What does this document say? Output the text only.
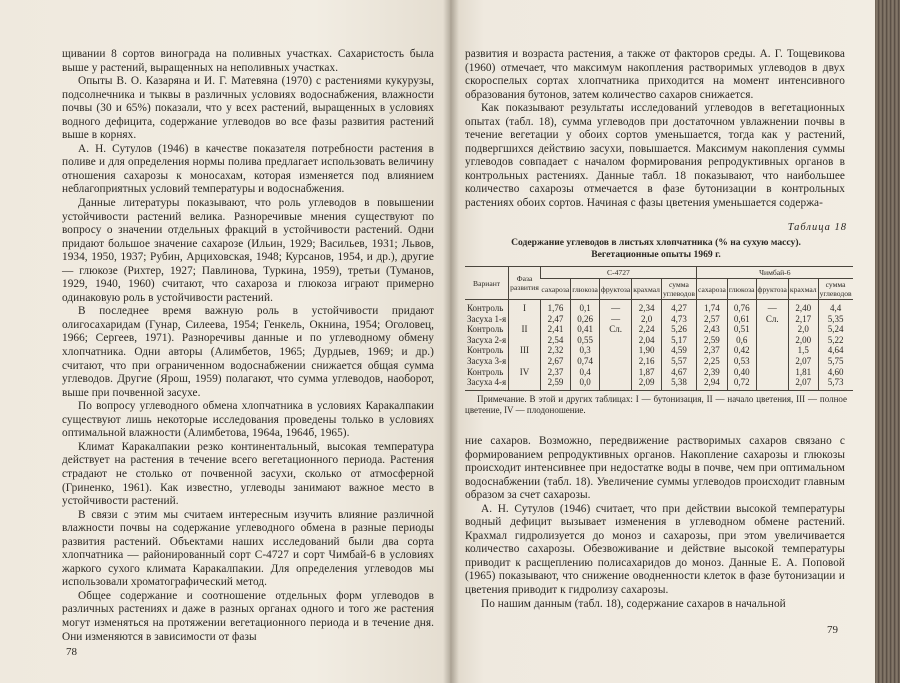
щивании 8 сортов винограда на поливных участках. Сахаристость была выше у растений, выращенных на неполивных участках.

Опыты В. О. Казаряна и И. Г. Матевяна (1970) с растениями кукурузы, подсолнечника и тыквы в различных условиях водоснабжения, влажности почвы (30 и 65%) показали, что у всех растений, выращенных в условиях водного дефицита, содержание углеводов во все фазы развития растений выше в корнях.

А. Н. Сутулов (1946) в качестве показателя потребности растения в поливе и для определения нормы полива предлагает использовать величину отношения сахарозы к моносахам, которая изменяется под влиянием неблагоприятных условий температуры и водоснабжения.

Данные литературы показывают, что роль углеводов в повышении устойчивости растений велика. Разноречивые мнения существуют по вопросу о значении отдельных фракций в устойчивости растений. Одни придают большое значение сахарозе (Ильин, 1929; Васильев, 1931; Львов, 1934, 1950, 1937; Рубин, Арциховская, 1948; Курсанов, 1954, и др.), другие — глюкозе (Рихтер, 1927; Павлинова, Туркина, 1959), третьи (Туманов, 1929, 1940, 1960) считают, что сахароза и глюкоза играют примерно одинаковую роль в устойчивости растений.

В последнее время важную роль в устойчивости придают олигосахаридам (Гунар, Силеева, 1954; Генкель, Окнина, 1954; Оголовец, 1966; Сергеев, 1971). Разноречивы данные и по углеводному обмену хлопчатника. Одни авторы (Алимбетов, 1965; Дурдыев, 1969; и др.) считают, что при ограниченном водоснабжении снижается общая сумма углеводов. Другие (Ярош, 1959) полагают, что сумма углеводов, наоборот, выше при почвенной засухе.

По вопросу углеводного обмена хлопчатника в условиях Каракалпакии существуют лишь некоторые исследования проведены только в условиях оптимальной влажности (Алимбетова, 1964а, 1964б, 1965).

Климат Каракалпакии резко континентальный, высокая температура действует на растения в течение всего вегетационного периода. Растения страдают не столько от почвенной засухи, сколько от атмосферной (Гриненко, 1961). Как известно, углеводы занимают важное место в устойчивости растений.

В связи с этим мы считаем интересным изучить влияние различной влажности почвы на содержание углеводного обмена в разные периоды развития растений. Объектами наших исследований были два сорта хлопчатника — районированный сорт С-4727 и сорт Чимбай-6 в условиях жаркого сухого климата Каракалпакии. Для определения углеводов мы использовали хроматографический метод.

Общее содержание и соотношение отдельных форм углеводов в различных растениях и даже в разных органах одного и того же растения могут изменяться на протяжении вегетационного периода и в течение дня. Они изменяются в зависимости от фазы

78

развития и возраста растения, а также от факторов среды. А. Г. Тощевикова (1960) отмечает, что максимум накопления растворимых углеводов в двух скороспелых сортах хлопчатника приходится на момент интенсивного образования бутонов, затем количество сахаров снижается.

Как показывают результаты исследований углеводов в вегетационных опытах (табл. 18), сумма углеводов при достаточном увлажнении почвы в течение вегетации у обоих сортов уменьшается, тогда как у растений, подвергшихся действию засухи, повышается. Максимум накопления суммы углеводов совпадает с началом формирования репродуктивных органов в контрольных растениях. Данные табл. 18 показывают, что наибольшее количество сахарозы отмечается в фазе бутонизации в контрольных растениях обоих сортов. Начиная с фазы цветения уменьшается содержа-

Таблица 18
Содержание углеводов в листьях хлопчатника (% на сухую массу).
Вегетационные опыты 1969 г.
Вариант	Фаза развития	С-4727					Чимбай-6				
		сахароза	глюкоза	фруктоза	крахмал	сумма углеводов	сахароза	глюкоза	фруктоза	крахмал	сумма углеводов
Контроль	I	1,76	0,1	—	2,34	4,27	1,74	0,76	—	2,40	4,4
Засуха 1-я		2,47	0,26	—	2,0	4,73	2,57	0,61	Сл.	2,17	5,35
Контроль	II	2,41	0,41	Сл.	2,24	5,26	2,43	0,51		2,0	5,24
Засуха 2-я		2,54	0,55		2,04	5,17	2,59	0,6		2,00	5,22
Контроль	III	2,32	0,3		1,90	4,59	2,37	0,42		1,5	4,64
Засуха 3-я		2,67	0,74		2,16	5,57	2,25	0,53		2,07	5,75
Контроль	IV	2,37	0,4		1,87	4,67	2,39	0,40		1,81	4,60
Засуха 4-я		2,59	0,0		2,09	5,38	2,94	0,72		2,07	5,73
Примечание. В этой и других таблицах: I — бутонизация, II — начало цветения, III — полное цветение, IV — плодоношение.

ние сахаров. Возможно, передвижение растворимых сахаров связано с формированием репродуктивных органов. Накопление сахарозы и глюкозы происходит интенсивнее при недостатке воды в почве, чем при оптимальном водоснабжении (табл. 18). Увеличение суммы углеводов происходит главным образом за счет сахарозы.

А. Н. Сутулов (1946) считает, что при действии высокой температуры водный дефицит вызывает изменения в углеводном обмене растений. Крахмал гидролизуется до моноз и сахарозы, при этом увеличивается количество сахарозы. Обезвоживание и действие высокой температуры приводит к расщеплению полисахаридов до моноз. Данные Е. А. Поповой (1965) показывают, что снижение оводненности клеток в фазе бутонизации и цветения приводит к гидролизу сахарозы.

По нашим данным (табл. 18), содержание сахаров в начальной

79
